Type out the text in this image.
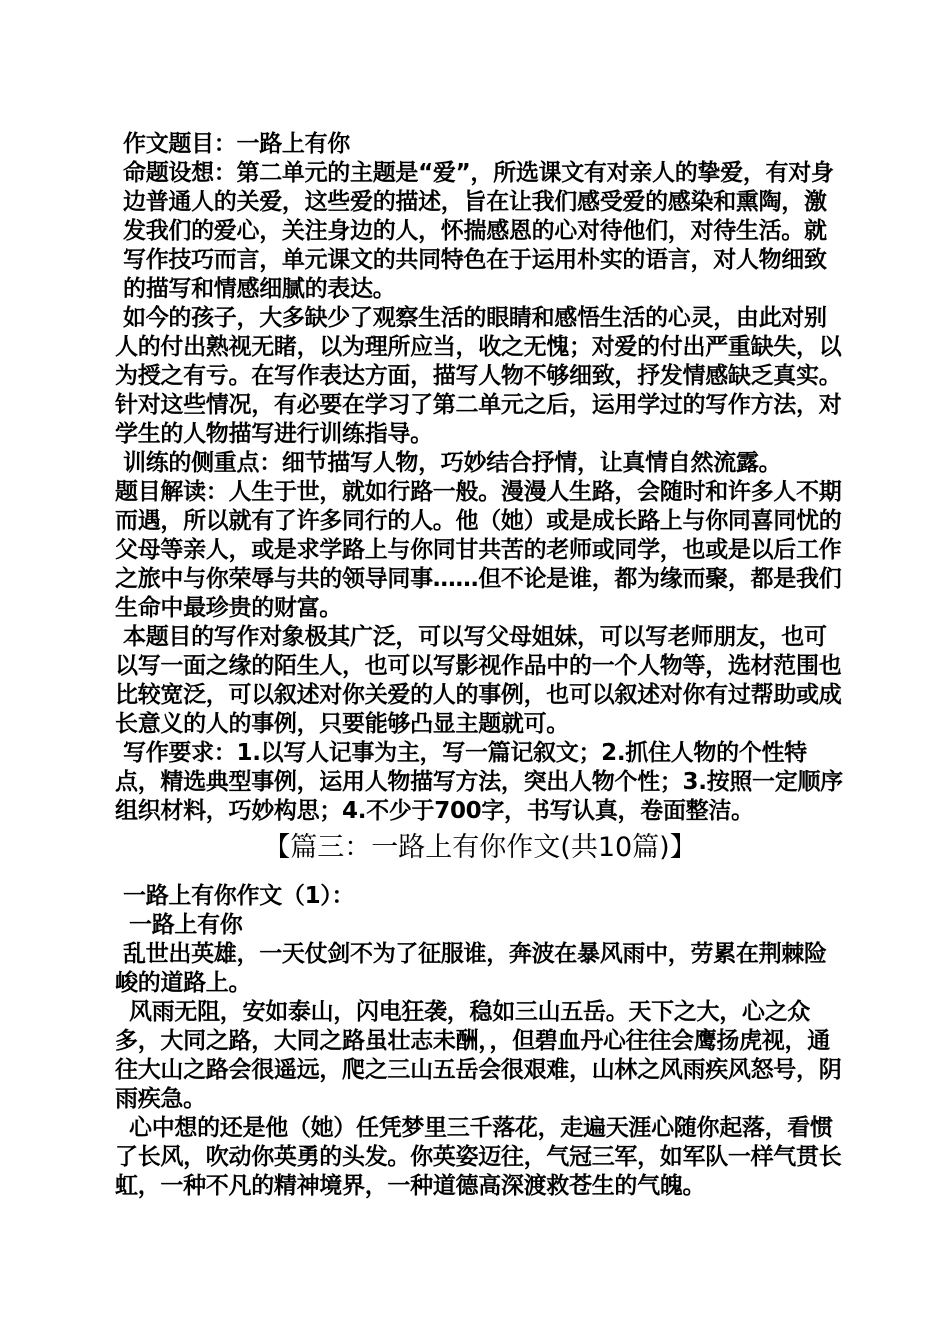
作文题目：一路上有你

命题设想：第二单元的主题是“爱”，所选课文有对亲人的挚爱，有对身边普通人的关爱，这些爱的描述，旨在让我们感受爱的感染和熏陶，激发我们的爱心，关注身边的人，怀揣感恩的心对待他们，对待生活。就写作技巧而言，单元课文的共同特色在于运用朴实的语言，对人物细致的描写和情感细腻的表达。

如今的孩子，大多缺少了观察生活的眼睛和感悟生活的心灵，由此对别人的付出熟视无睹，以为理所应当，收之无愧；对爱的付出严重缺失，以为授之有亏。在写作表达方面，描写人物不够细致，抒发情感缺乏真实。针对这些情况，有必要在学习了第二单元之后，运用学过的写作方法，对学生的人物描写进行训练指导。

训练的侧重点：细节描写人物，巧妙结合抒情，让真情自然流露。

题目解读：人生于世，就如行路一般。漫漫人生路，会随时和许多人不期而遇，所以就有了许多同行的人。他（她）或是成长路上与你同喜同忧的父母等亲人，或是求学路上与你同甘共苦的老师或同学，也或是以后工作之旅中与你荣辱与共的领导同事……但不论是谁，都为缘而聚，都是我们生命中最珍贵的财富。

本题目的写作对象极其广泛，可以写父母姐妹，可以写老师朋友，也可

以写一面之缘的陌生人，也可以写影视作品中的一个人物等，选材范围也比较宽泛，可以叙述对你关爱的人的事例，也可以叙述对你有过帮助或成长意义的人的事例，只要能够凸显主题就可。

写作要求：1.以写人记事为主，写一篇记叙文；2.抓住人物的个性特点，精选典型事例，运用人物描写方法，突出人物个性；3.按照一定顺序组织材料，巧妙构思；4.不少于700字，书写认真，卷面整洁。

【篇三：一路上有你作文(共10篇)】

一路上有你作文（1）：

一路上有你

乱世出英雄，一天仗剑不为了征服谁，奔波在暴风雨中，劳累在荆棘险峻的道路上。

风雨无阻，安如泰山，闪电狂袭，稳如三山五岳。天下之大，心之众多，大同之路，大同之路虽壮志未酬，，但碧血丹心往往会鹰扬虎视，通往大山之路会很遥远，爬之三山五岳会很艰难，山林之风雨疾风怒号，阴雨疾急。

心中想的还是他（她）任凭梦里三千落花，走遍天涯心随你起落，看惯了长风，吹动你英勇的头发。你英姿迈往，气冠三军，如军队一样气贯长虹，一种不凡的精神境界，一种道德高深渡救苍生的气魄。
